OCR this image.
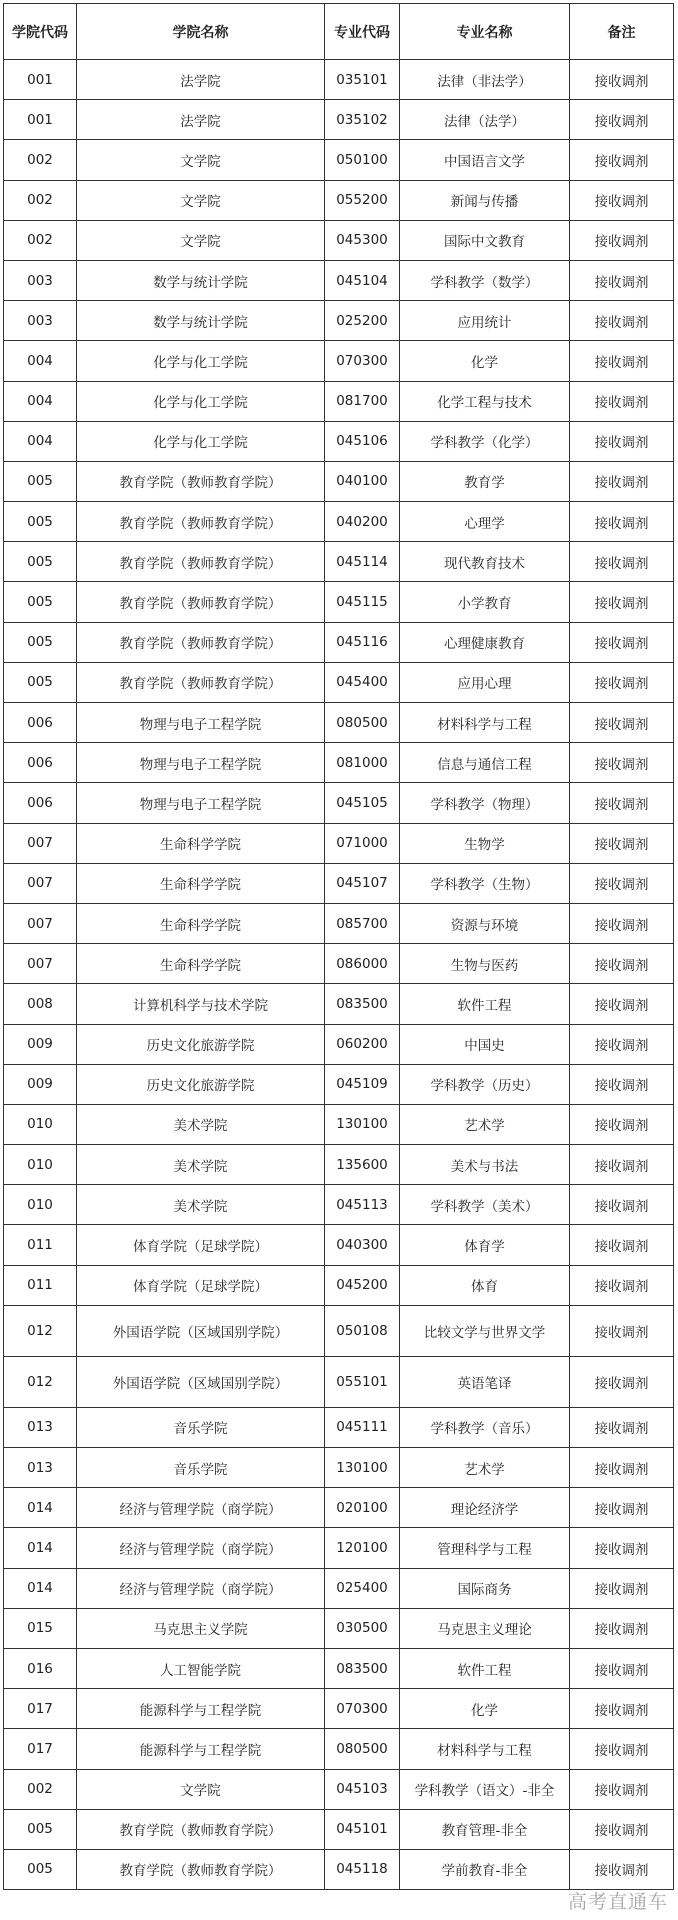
学院代码	学院名称	专业代码	专业名称	备注
001	法学院	035101	法律（非法学）	接收调剂
001	法学院	035102	法律（法学）	接收调剂
002	文学院	050100	中国语言文学	接收调剂
002	文学院	055200	新闻与传播	接收调剂
002	文学院	045300	国际中文教育	接收调剂
003	数学与统计学院	045104	学科教学（数学）	接收调剂
003	数学与统计学院	025200	应用统计	接收调剂
004	化学与化工学院	070300	化学	接收调剂
004	化学与化工学院	081700	化学工程与技术	接收调剂
004	化学与化工学院	045106	学科教学（化学）	接收调剂
005	教育学院（教师教育学院）	040100	教育学	接收调剂
005	教育学院（教师教育学院）	040200	心理学	接收调剂
005	教育学院（教师教育学院）	045114	现代教育技术	接收调剂
005	教育学院（教师教育学院）	045115	小学教育	接收调剂
005	教育学院（教师教育学院）	045116	心理健康教育	接收调剂
005	教育学院（教师教育学院）	045400	应用心理	接收调剂
006	物理与电子工程学院	080500	材料科学与工程	接收调剂
006	物理与电子工程学院	081000	信息与通信工程	接收调剂
006	物理与电子工程学院	045105	学科教学（物理）	接收调剂
007	生命科学学院	071000	生物学	接收调剂
007	生命科学学院	045107	学科教学（生物）	接收调剂
007	生命科学学院	085700	资源与环境	接收调剂
007	生命科学学院	086000	生物与医药	接收调剂
008	计算机科学与技术学院	083500	软件工程	接收调剂
009	历史文化旅游学院	060200	中国史	接收调剂
009	历史文化旅游学院	045109	学科教学（历史）	接收调剂
010	美术学院	130100	艺术学	接收调剂
010	美术学院	135600	美术与书法	接收调剂
010	美术学院	045113	学科教学（美术）	接收调剂
011	体育学院（足球学院）	040300	体育学	接收调剂
011	体育学院（足球学院）	045200	体育	接收调剂
012	外国语学院（区域国别学院）	050108	比较文学与世界文学	接收调剂
012	外国语学院（区域国别学院）	055101	英语笔译	接收调剂
013	音乐学院	045111	学科教学（音乐）	接收调剂
013	音乐学院	130100	艺术学	接收调剂
014	经济与管理学院（商学院）	020100	理论经济学	接收调剂
014	经济与管理学院（商学院）	120100	管理科学与工程	接收调剂
014	经济与管理学院（商学院）	025400	国际商务	接收调剂
015	马克思主义学院	030500	马克思主义理论	接收调剂
016	人工智能学院	083500	软件工程	接收调剂
017	能源科学与工程学院	070300	化学	接收调剂
017	能源科学与工程学院	080500	材料科学与工程	接收调剂
002	文学院	045103	学科教学（语文）-非全	接收调剂
005	教育学院（教师教育学院）	045101	教育管理-非全	接收调剂
005	教育学院（教师教育学院）	045118	学前教育-非全	接收调剂
高考直通车
